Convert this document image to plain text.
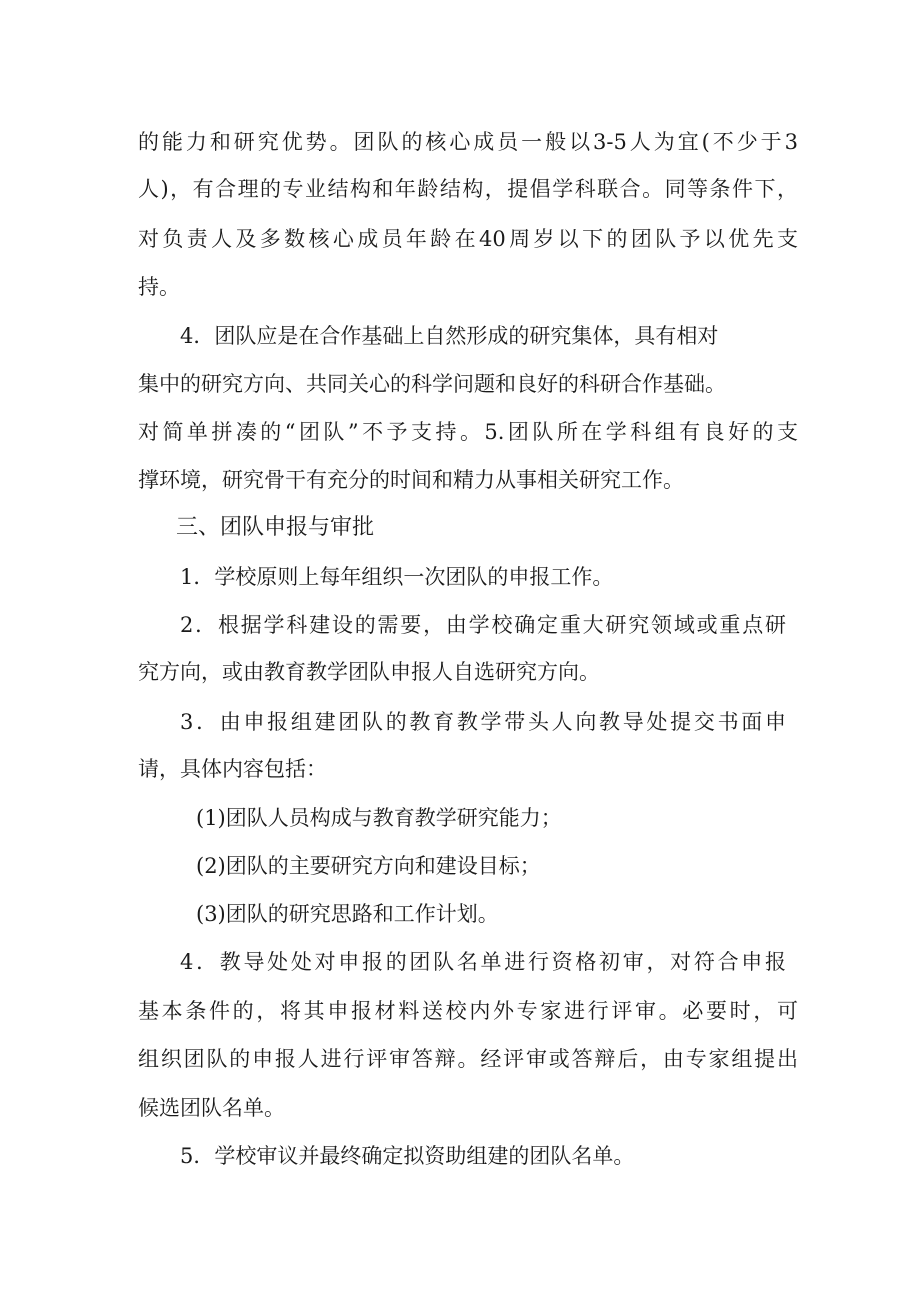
的能力和研究优势。团队的核心成员一般以3-5人为宜(不少于3
人)，有合理的专业结构和年龄结构，提倡学科联合。同等条件下，
对负责人及多数核心成员年龄在40周岁以下的团队予以优先支
持。
4．团队应是在合作基础上自然形成的研究集体，具有相对
集中的研究方向、共同关心的科学问题和良好的科研合作基础。
对简单拼凑的“团队”不予支持。5.团队所在学科组有良好的支
撑环境，研究骨干有充分的时间和精力从事相关研究工作。
三、团队申报与审批
1．学校原则上每年组织一次团队的申报工作。
2．根据学科建设的需要，由学校确定重大研究领域或重点研
究方向，或由教育教学团队申报人自选研究方向。
3．由申报组建团队的教育教学带头人向教导处提交书面申
请，具体内容包括：
(1)团队人员构成与教育教学研究能力；
(2)团队的主要研究方向和建设目标；
(3)团队的研究思路和工作计划。
4．教导处处对申报的团队名单进行资格初审，对符合申报
基本条件的，将其申报材料送校内外专家进行评审。必要时，可
组织团队的申报人进行评审答辩。经评审或答辩后，由专家组提出
候选团队名单。
5．学校审议并最终确定拟资助组建的团队名单。
